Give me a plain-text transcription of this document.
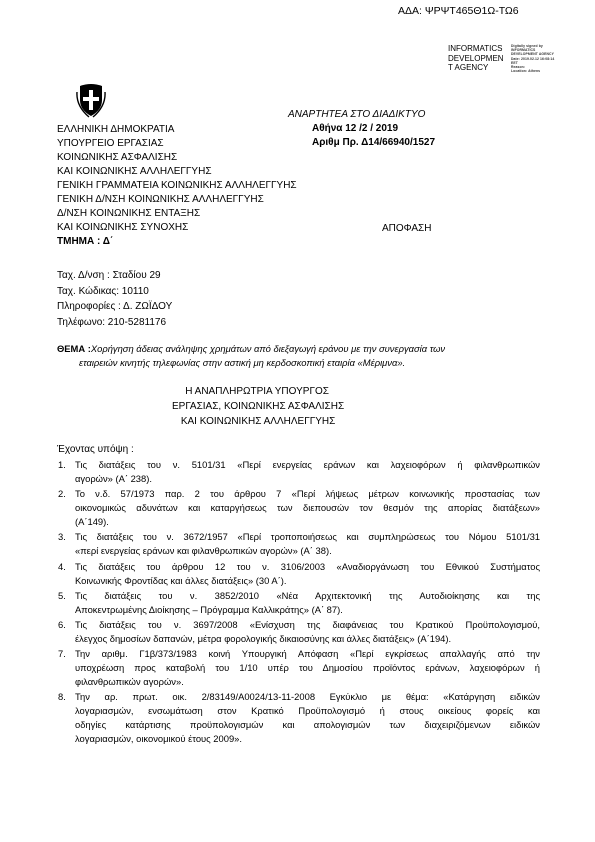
ΑΔΑ: ΨΡΨΤ465Θ1Ω-ΤΩ6
INFORMATICS
DEVELOPMEN
T AGENCY
Digitally signed by
INFORMATICS
DEVELOPMENT AGENCY
Date: 2019.02.12 16:08:14
EET
Reason:
Location: Athens
ΑΝΑΡΤΗΤΕΑ ΣΤΟ ΔΙΑΔΙΚΤΥΟ
Αθήνα 12 /2 / 2019
Αριθμ Πρ. Δ14/66940/1527
ΑΠΟΦΑΣΗ
ΕΛΛΗΝΙΚΗ ΔΗΜΟΚΡΑΤΙΑ
ΥΠΟΥΡΓΕΙΟ ΕΡΓΑΣΙΑΣ
ΚΟΙΝΩΝΙΚΗΣ ΑΣΦΑΛΙΣΗΣ
ΚΑΙ ΚΟΙΝΩΝΙΚΗΣ ΑΛΛΗΛΕΓΓΥΗΣ
ΓΕΝΙΚΗ ΓΡΑΜΜΑΤΕΙΑ ΚΟΙΝΩΝΙΚΗΣ ΑΛΛΗΛΕΓΓΥΗΣ
ΓΕΝΙΚΗ Δ/ΝΣΗ ΚΟΙΝΩΝΙΚΗΣ ΑΛΛΗΛΕΓΓΥΗΣ
Δ/ΝΣΗ ΚΟΙΝΩΝΙΚΗΣ ΕΝΤΑΞΗΣ
ΚΑΙ ΚΟΙΝΩΝΙΚΗΣ ΣΥΝΟΧΗΣ
ΤΜΗΜΑ : Δ΄
Ταχ. Δ/νση : Σταδίου 29
Ταχ. Κώδικας: 10110
Πληροφορίες : Δ. ΖΩΪΔΟΥ
Τηλέφωνο: 210-5281176
ΘΕΜΑ :Χορήγηση άδειας ανάληψης χρημάτων από διεξαγωγή εράνου με την συνεργασία των
εταιρειών κινητής τηλεφωνίας στην αστική μη κερδοσκοπική εταιρία «Μέριμνα».
Η ΑΝΑΠΛΗΡΩΤΡΙΑ ΥΠΟΥΡΓΟΣ
ΕΡΓΑΣΙΑΣ, ΚΟΙΝΩΝΙΚΗΣ ΑΣΦΑΛΙΣΗΣ
ΚΑΙ ΚΟΙΝΩΝΙΚΗΣ ΑΛΛΗΛΕΓΓΥΗΣ
Έχοντας υπόψη :
1. Τις διατάξεις του ν. 5101/31 «Περί ενεργείας εράνων και λαχειοφόρων ή φιλανθρωπικών
αγορών» (Α΄ 238).
2. Το ν.δ. 57/1973 παρ. 2 του άρθρου 7 «Περί λήψεως μέτρων κοινωνικής προστασίας των
οικονομικώς αδυνάτων και καταργήσεως των διεπουσών τον θεσμόν της απορίας διατάξεων»
(Α΄149).
3. Τις διατάξεις του ν. 3672/1957 «Περί τροποποιήσεως και συμπληρώσεως του Νόμου 5101/31
«περί ενεργείας εράνων και φιλανθρωπικών αγορών» (Α΄ 38).
4. Τις διατάξεις του άρθρου 12 του ν. 3106/2003 «Αναδιοργάνωση του Εθνικού Συστήματος
Κοινωνικής Φροντίδας και άλλες διατάξεις» (30 Α΄).
5. Τις διατάξεις του ν. 3852/2010 «Νέα Αρχιτεκτονική της Αυτοδιοίκησης και της
Αποκεντρωμένης Διοίκησης – Πρόγραμμα Καλλικράτης» (Α΄ 87).
6. Τις διατάξεις του ν. 3697/2008 «Ενίσχυση της διαφάνειας του Κρατικού Προϋπολογισμού,
έλεγχος δημοσίων δαπανών, μέτρα φορολογικής δικαιοσύνης και άλλες διατάξεις» (Α΄194).
7. Την αριθμ. Γ1β/373/1983 κοινή Υπουργική Απόφαση «Περί εγκρίσεως απαλλαγής από την
υποχρέωση προς καταβολή του 1/10 υπέρ του Δημοσίου προϊόντος εράνων, λαχειοφόρων ή
φιλανθρωπικών αγορών».
8. Την αρ. πρωτ. οικ. 2/83149/Α0024/13-11-2008 Εγκύκλιο με θέμα: «Κατάργηση ειδικών
λογαριασμών, ενσωμάτωση στον Κρατικό Προϋπολογισμό ή στους οικείους φορείς και
οδηγίες κατάρτισης προϋπολογισμών και απολογισμών των διαχειριζόμενων ειδικών
λογαριασμών, οικονομικού έτους 2009».
